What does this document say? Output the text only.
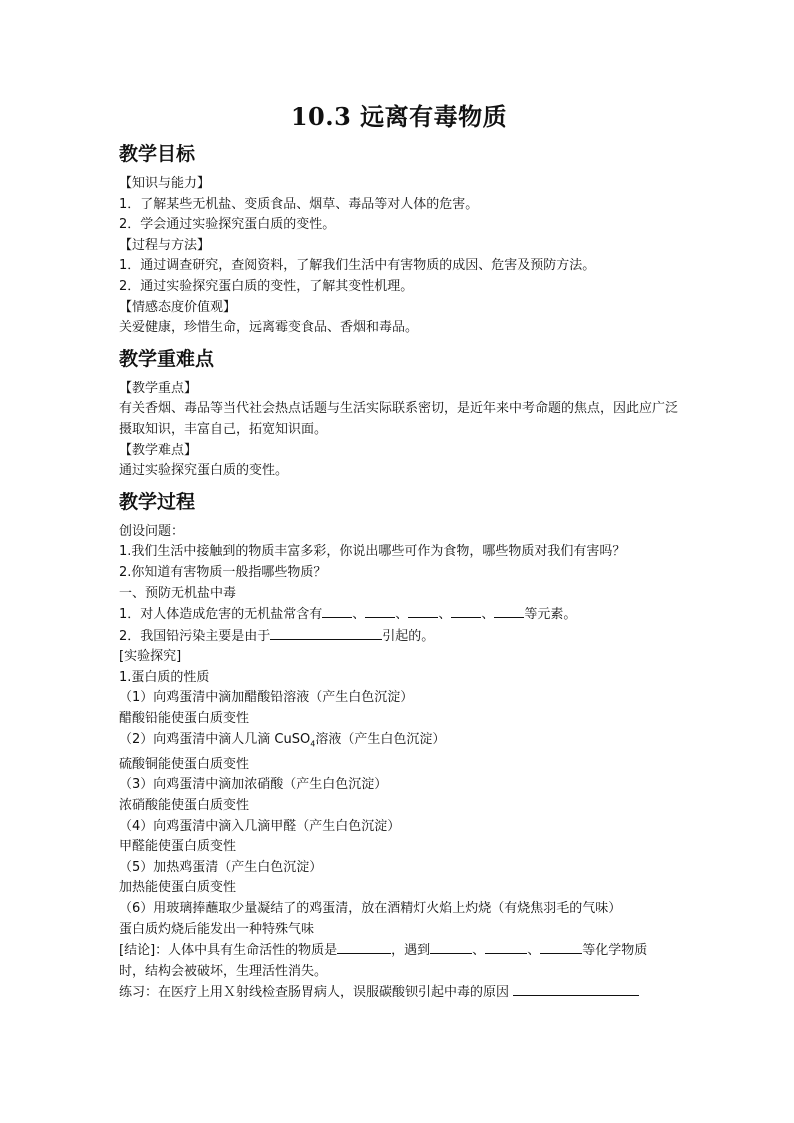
10.3 远离有毒物质
教学目标
【知识与能力】
1．了解某些无机盐、变质食品、烟草、毒品等对人体的危害。
2．学会通过实验探究蛋白质的变性。
【过程与方法】
1．通过调查研究，查阅资料，了解我们生活中有害物质的成因、危害及预防方法。
2．通过实验探究蛋白质的变性，了解其变性机理。
【情感态度价值观】
关爱健康，珍惜生命，远离霉变食品、香烟和毒品。
教学重难点
【教学重点】
有关香烟、毒品等当代社会热点话题与生活实际联系密切，是近年来中考命题的焦点，因此应广泛摄取知识，丰富自己，拓宽知识面。
【教学难点】
通过实验探究蛋白质的变性。
教学过程
创设问题：
1.我们生活中接触到的物质丰富多彩，你说出哪些可作为食物，哪些物质对我们有害吗？
2.你知道有害物质一般指哪些物质？
一、预防无机盐中毒
1．对人体造成危害的无机盐常含有 、 、 、 、 等元素。
2．我国铅污染主要是由于	引起的。
[实验探究]
1.蛋白质的性质
（1）向鸡蛋清中滴加醋酸铅溶液（产生白色沉淀）
醋酸铅能使蛋白质变性
（2）向鸡蛋清中滴人几滴 CuSO$_4$溶液（产生白色沉淀）
硫酸铜能使蛋白质变性
（3）向鸡蛋清中滴加浓硝酸（产生白色沉淀）
浓硝酸能使蛋白质变性
（4）向鸡蛋清中滴入几滴甲醛（产生白色沉淀）
甲醛能使蛋白质变性
（5）加热鸡蛋清（产生白色沉淀）
加热能使蛋白质变性
（6）用玻璃捧蘸取少量凝结了的鸡蛋清，放在酒精灯火焰上灼烧（有烧焦羽毛的气味）
蛋白质灼烧后能发出一种特殊气味
[结论]：人体中具有生命活性的物质是	，遇到	、	、	等化学物质
时，结构会被破坏，生理活性消失。
练习：在医疗上用Ｘ射线检查肠胃病人，误服碳酸钡引起中毒的原因
